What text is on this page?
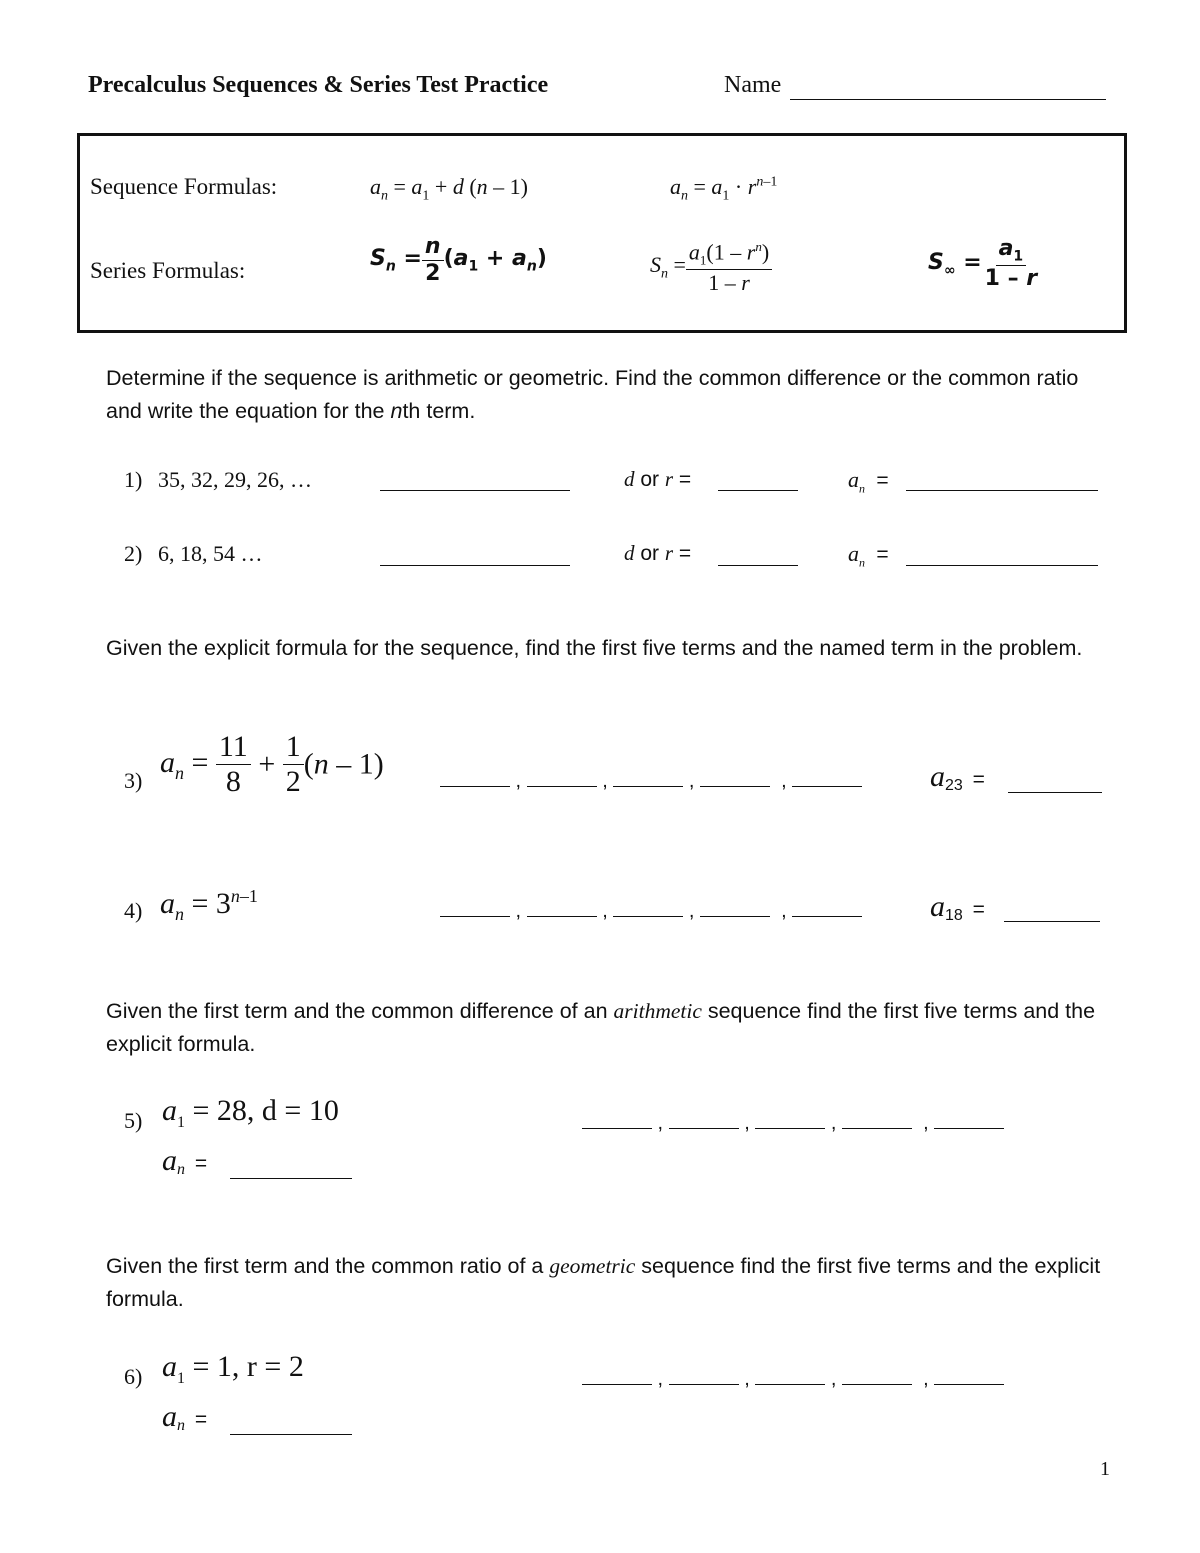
Precalculus Sequences & Series Test Practice	Name
Sequence Formulas:	$a_n = a_1 + d$ (n – 1)	$a_n = a_1 \cdot r^{n-1}$
Series Formulas:	$S_n = \frac{n}{2} (a_1 + a_n)$	$S_n = \frac{a_1(1 - r^n)}{1 - r}$	$S_\infty = \frac{a_1}{1 - r}$
Determine if the sequence is arithmetic or geometric. Find the common difference or the common ratio and write the equation for the nth term.
1) 35, 32, 29, 26, …	d or r =	$a_n$  =
2) 6, 18, 54 …	d or r =	$a_n$  =
Given the explicit formula for the sequence, find the first five terms and the named term in the problem.
3)
$a_n = \frac{11}{8} + \frac{1}{2} (n - 1)$
,	,	,	,	$a_{23}$  =
4) $a_n = 3^{n-1}$
,	,	,	,	$a_{18}$  =
Given the first term and the common difference of an arithmetic sequence find the first five terms and the explicit formula.
5) $a_1 = 28$, d = 10	,	,	,	,
$a_n$  =
Given the first term and the common ratio of a geometric sequence find the first five terms and the explicit formula.
6) $a_1 = 1$, r = 2	,	,	,	,
$a_n$  =
1
